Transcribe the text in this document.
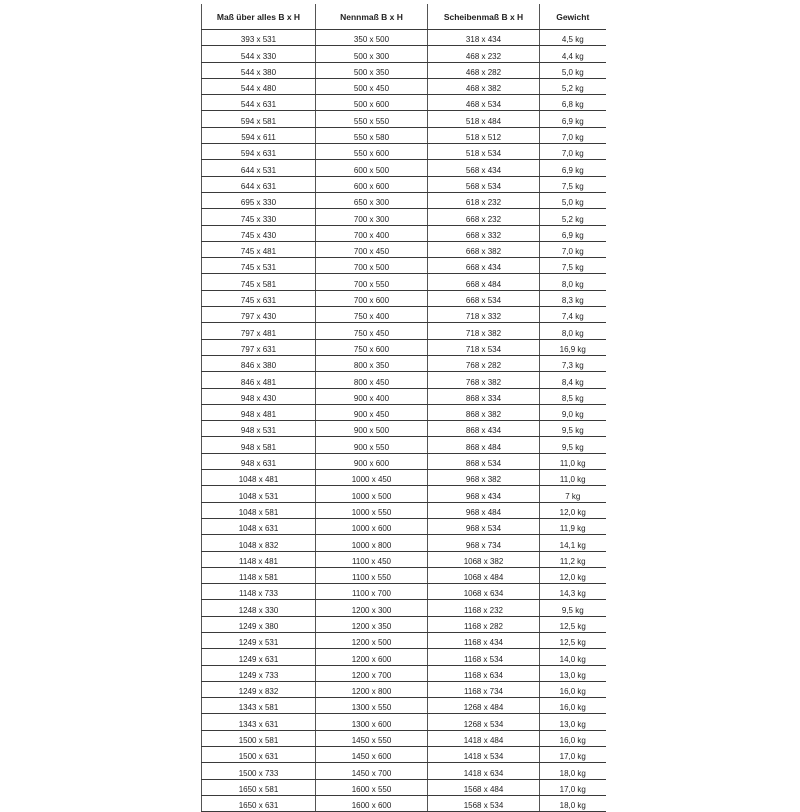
Maß über alles B x H	Nennmaß B x H	Scheibenmaß B x H	Gewicht
393 x 531	350 x 500	318 x 434	4,5 kg
544 x 330	500 x 300	468 x 232	4,4 kg
544 x 380	500 x 350	468 x 282	5,0 kg
544 x 480	500 x 450	468 x 382	5,2 kg
544 x 631	500 x 600	468 x 534	6,8 kg
594 x 581	550 x 550	518 x 484	6,9 kg
594 x 611	550 x 580	518 x 512	7,0 kg
594 x 631	550 x 600	518 x 534	7,0 kg
644 x 531	600 x 500	568 x 434	6,9 kg
644 x 631	600 x 600	568 x 534	7,5 kg
695 x 330	650 x 300	618 x 232	5,0 kg
745 x 330	700 x 300	668 x 232	5,2 kg
745 x 430	700 x 400	668 x 332	6,9 kg
745 x 481	700 x 450	668 x 382	7,0 kg
745 x 531	700 x 500	668 x 434	7,5 kg
745 x 581	700 x 550	668 x 484	8,0 kg
745 x 631	700 x 600	668 x 534	8,3 kg
797 x 430	750 x 400	718 x 332	7,4 kg
797 x 481	750 x 450	718 x 382	8,0 kg
797 x 631	750 x 600	718 x 534	16,9 kg
846 x 380	800 x 350	768 x 282	7,3 kg
846 x 481	800 x 450	768 x 382	8,4 kg
948 x 430	900 x 400	868 x 334	8,5 kg
948 x 481	900 x 450	868 x 382	9,0 kg
948 x 531	900 x 500	868 x 434	9,5 kg
948 x 581	900 x 550	868 x 484	9,5 kg
948 x 631	900 x 600	868 x 534	11,0 kg
1048 x 481	1000 x 450	968 x 382	11,0 kg
1048 x 531	1000 x 500	968 x 434	7 kg
1048 x 581	1000 x 550	968 x 484	12,0 kg
1048 x 631	1000 x 600	968 x 534	11,9 kg
1048 x 832	1000 x 800	968 x 734	14,1 kg
1148 x 481	1100 x 450	1068 x 382	11,2 kg
1148 x 581	1100 x 550	1068 x 484	12,0 kg
1148 x 733	1100 x 700	1068 x 634	14,3 kg
1248 x 330	1200 x 300	1168 x 232	9,5 kg
1249 x 380	1200 x 350	1168 x 282	12,5 kg
1249 x 531	1200 x 500	1168 x 434	12,5 kg
1249 x 631	1200 x 600	1168 x 534	14,0 kg
1249 x 733	1200 x 700	1168 x 634	13,0 kg
1249 x 832	1200 x 800	1168 x 734	16,0 kg
1343 x 581	1300 x 550	1268 x 484	16,0 kg
1343 x 631	1300 x 600	1268 x 534	13,0 kg
1500 x 581	1450 x 550	1418 x 484	16,0 kg
1500 x 631	1450 x 600	1418 x 534	17,0 kg
1500 x 733	1450 x 700	1418 x 634	18,0 kg
1650 x 581	1600 x 550	1568 x 484	17,0 kg
1650 x 631	1600 x 600	1568 x 534	18,0 kg
